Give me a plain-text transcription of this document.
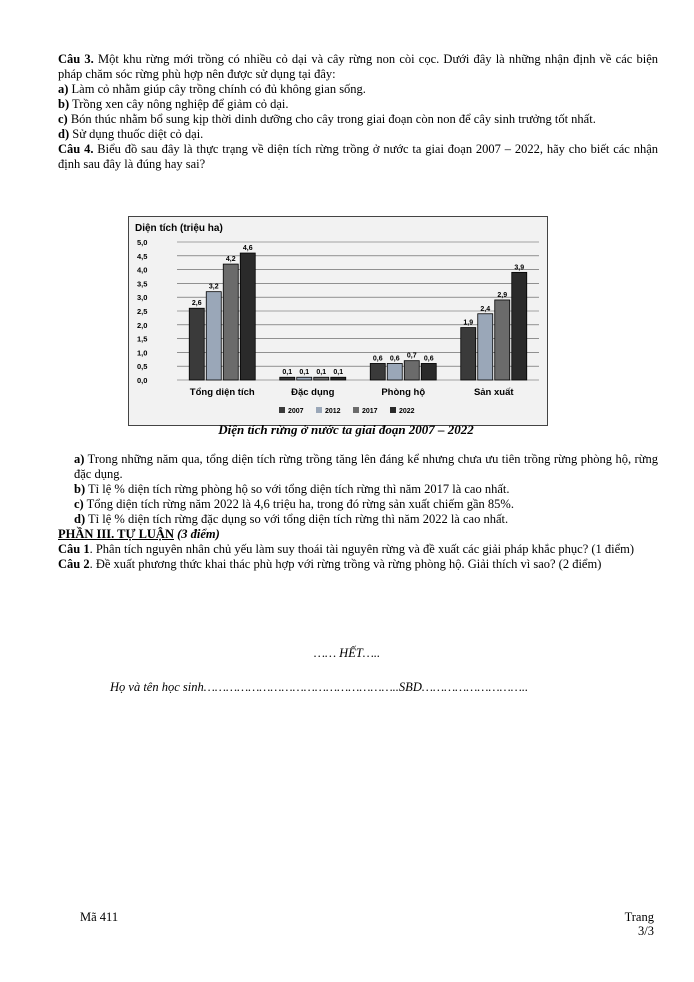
Câu 3. Một khu rừng mới trồng có nhiều cỏ dại và cây rừng non còi cọc. Dưới đây là những nhận định về các biện pháp chăm sóc rừng phù hợp nên được sử dụng tại đây:

a) Làm cỏ nhằm giúp cây trồng chính có đủ không gian sống.

b) Trồng xen cây nông nghiệp để giảm cỏ dại.

c) Bón thúc nhằm bổ sung kịp thời dinh dưỡng cho cây trong giai đoạn còn non để cây sinh trưởng tốt nhất.

d) Sử dụng thuốc diệt cỏ dại.

Câu 4. Biểu đồ sau đây là thực trạng về diện tích rừng trồng ở nước ta giai đoạn 2007 – 2022, hãy cho biết các nhận định sau đây là đúng hay sai?

Diện tích (triệu ha)
5,0
4,5
4,0
3,5
3,0
2,5
2,0
1,5
1,0
0,5
0,0
2,6
3,2
4,2
4,6
Tổng diện tích
0,1 0,1 0,1 0,1
Đặc dụng
0,6 0,6 0,7 0,6
Phòng hộ
1,9
2,4
2,9
3,9
Sản xuất
2007	2012	2017	2022
Diện tích rừng ở nước ta giai đoạn 2007 – 2022

a) Trong những năm qua, tổng diện tích rừng trồng tăng lên đáng kể nhưng chưa ưu tiên trồng rừng phòng hộ, rừng đặc dụng.

b) Tỉ lệ % diện tích rừng phòng hộ so với tổng diện tích rừng thì năm 2017 là cao nhất.

c) Tổng diện tích rừng năm 2022 là 4,6 triệu ha, trong đó rừng sản xuất chiếm gần 85%.

d) Tỉ lệ % diện tích rừng đặc dụng so với tổng diện tích rừng thì năm 2022 là cao nhất.

PHẦN III. TỰ LUẬN (3 điểm)

Câu 1. Phân tích nguyên nhân chủ yếu làm suy thoái tài nguyên rừng và đề xuất các giải pháp khắc phục? (1 điểm)

Câu 2. Đề xuất phương thức khai thác phù hợp với rừng trồng và rừng phòng hộ. Giải thích vì sao? (2 điểm)

…… HẾT…..
Họ và tên học sinh……………………………………………..SBD………………………..
Mã 411	Trang
3/3
